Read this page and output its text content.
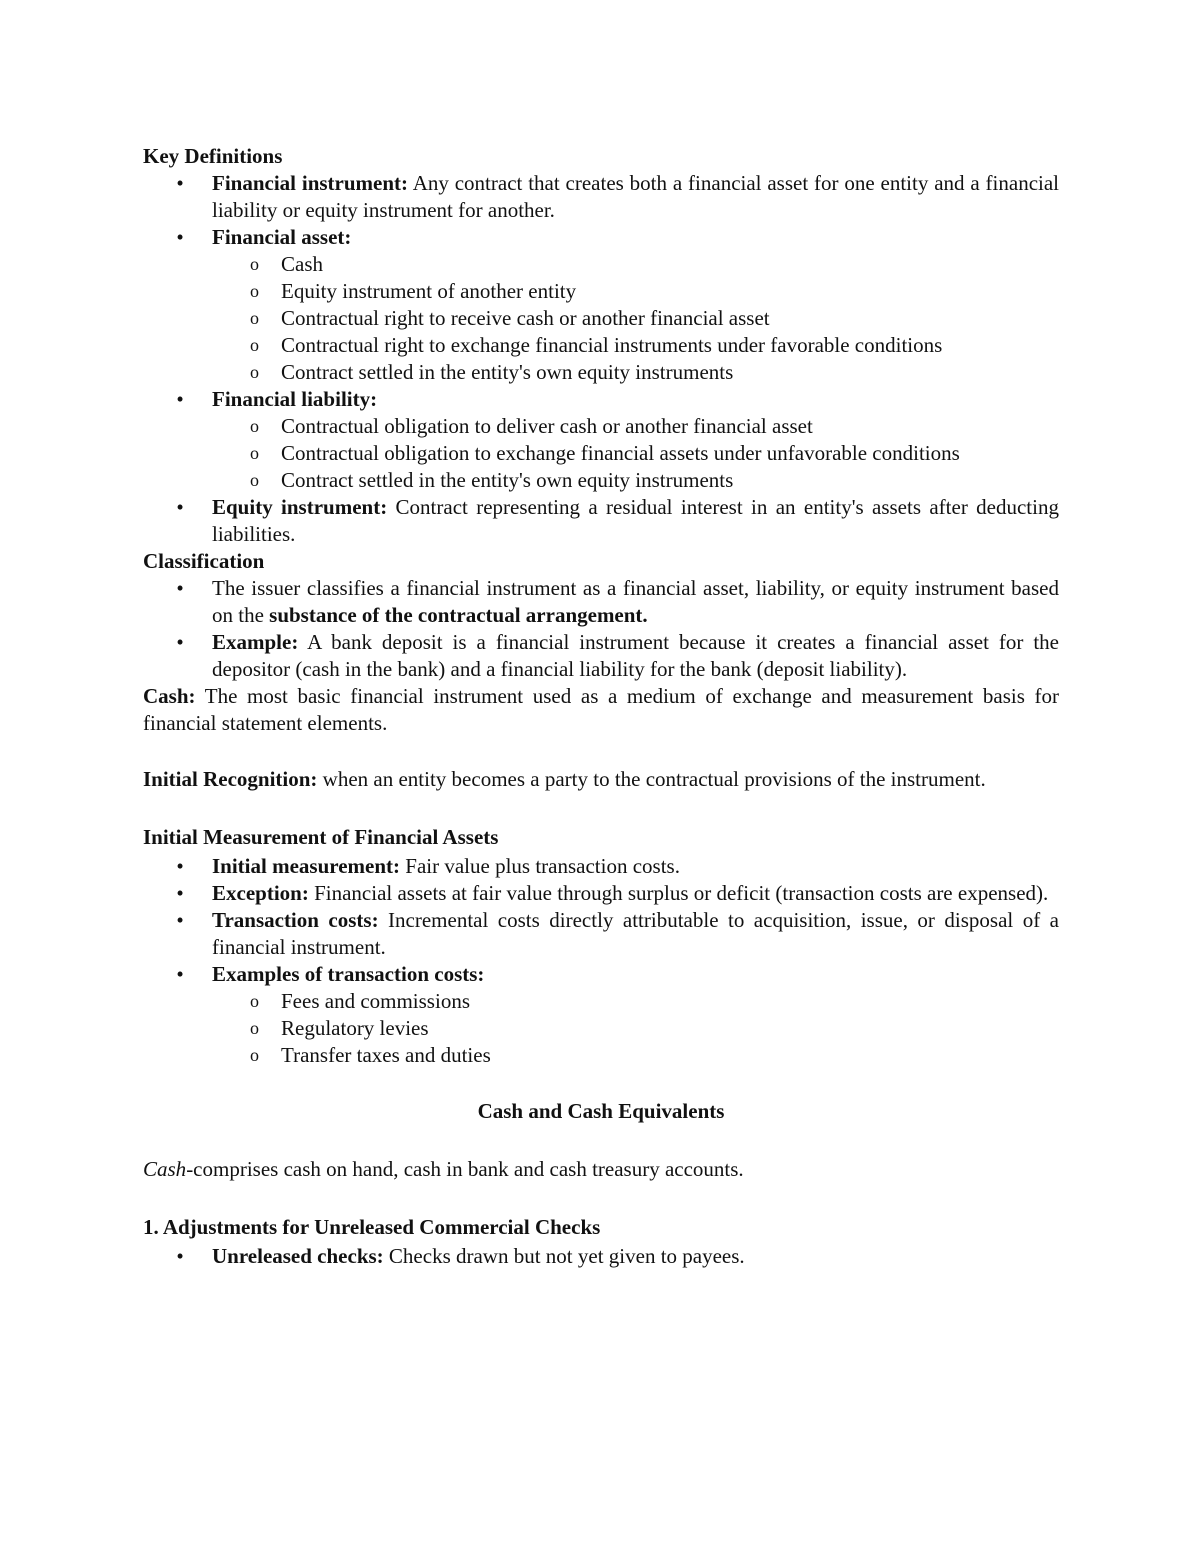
Key Definitions
• Financial instrument: Any contract that creates both a financial asset for one entity and a financial liability or equity instrument for another.
• Financial asset:
o Cash
o Equity instrument of another entity
o Contractual right to receive cash or another financial asset
o Contractual right to exchange financial instruments under favorable conditions
o Contract settled in the entity's own equity instruments
• Financial liability:
o Contractual obligation to deliver cash or another financial asset
o Contractual obligation to exchange financial assets under unfavorable conditions
o Contract settled in the entity's own equity instruments
• Equity instrument: Contract representing a residual interest in an entity's assets after deducting liabilities.
Classification
• The issuer classifies a financial instrument as a financial asset, liability, or equity instrument based on the substance of the contractual arrangement.
• Example: A bank deposit is a financial instrument because it creates a financial asset for the depositor (cash in the bank) and a financial liability for the bank (deposit liability).
Cash: The most basic financial instrument used as a medium of exchange and measurement basis for financial statement elements.
Initial Recognition: when an entity becomes a party to the contractual provisions of the instrument.
Initial Measurement of Financial Assets
• Initial measurement: Fair value plus transaction costs.
• Exception: Financial assets at fair value through surplus or deficit (transaction costs are expensed).
• Transaction costs: Incremental costs directly attributable to acquisition, issue, or disposal of a financial instrument.
• Examples of transaction costs:
o Fees and commissions
o Regulatory levies
o Transfer taxes and duties
Cash and Cash Equivalents
Cash-comprises cash on hand, cash in bank and cash treasury accounts.
1. Adjustments for Unreleased Commercial Checks
• Unreleased checks: Checks drawn but not yet given to payees.
